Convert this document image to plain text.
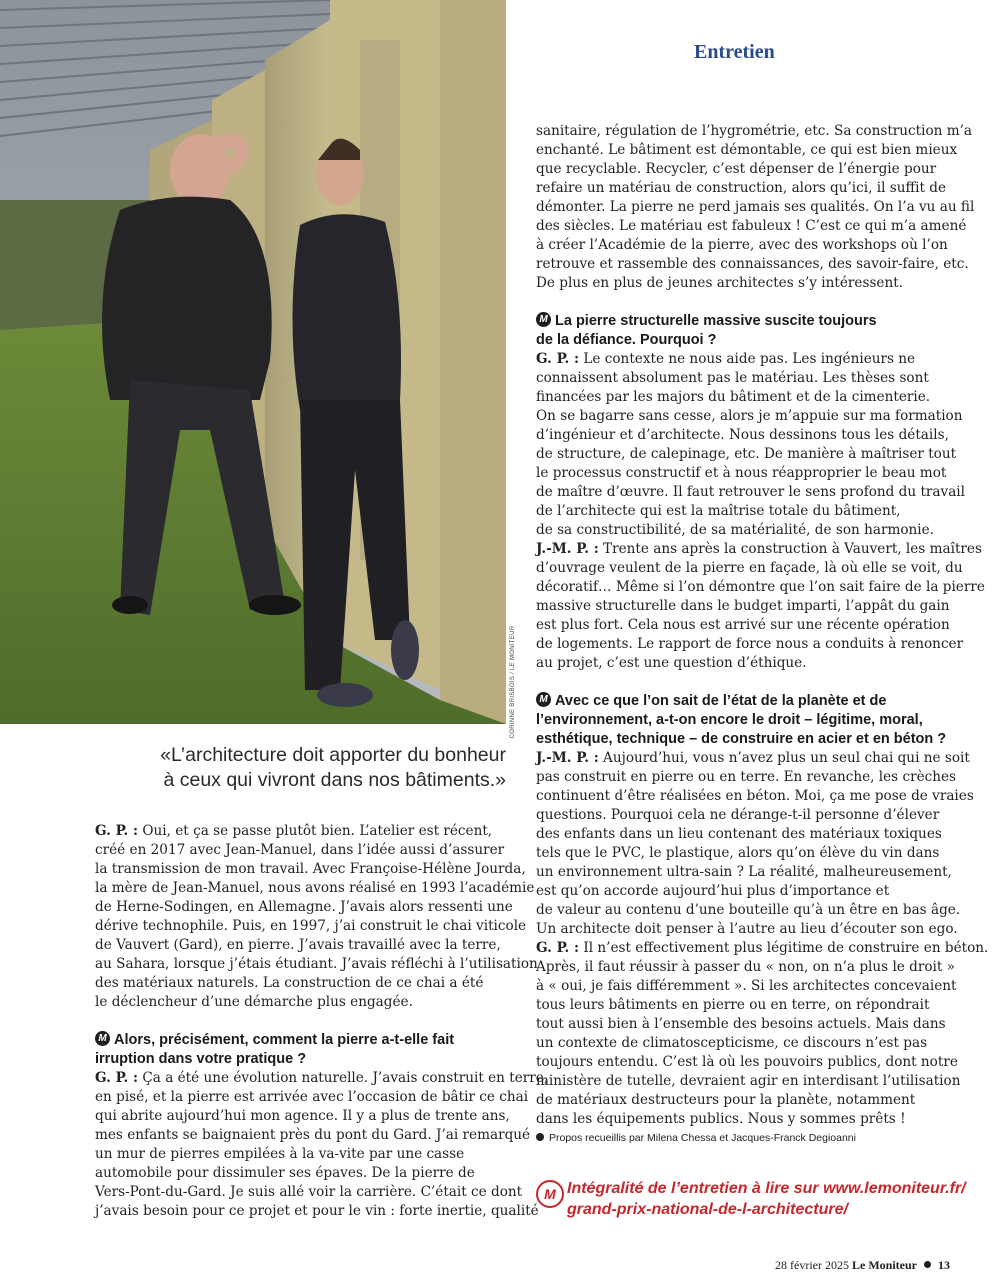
CORINNE BRISBOIS / LE MONITEUR
Entretien
«L’architecture doit apporter du bonheur
à ceux qui vivront dans nos bâtiments.»

G. P. : Oui, et ça se passe plutôt bien. L’atelier est récent,

créé en 2017 avec Jean-Manuel, dans l’idée aussi d’assurer

la transmission de mon travail. Avec Françoise-Hélène Jourda,

la mère de Jean-Manuel, nous avons réalisé en 1993 l’académie

de Herne-Sodingen, en Allemagne. J’avais alors ressenti une

dérive technophile. Puis, en 1997, j’ai construit le chai viticole

de Vauvert (Gard), en pierre. J’avais travaillé avec la terre,

au Sahara, lorsque j’étais étudiant. J’avais réfléchi à l’utilisation

des matériaux naturels. La construction de ce chai a été

le déclencheur d’une démarche plus engagée.

MAlors, précisément, comment la pierre a-t-elle fait

irruption dans votre pratique ?

G. P. : Ça a été une évolution naturelle. J’avais construit en terre,

en pisé, et la pierre est arrivée avec l’occasion de bâtir ce chai

qui abrite aujourd’hui mon agence. Il y a plus de trente ans,

mes enfants se baignaient près du pont du Gard. J’ai remarqué

un mur de pierres empilées à la va-vite par une casse

automobile pour dissimuler ses épaves. De la pierre de

Vers-Pont-du-Gard. Je suis allé voir la carrière. C’était ce dont

j’avais besoin pour ce projet et pour le vin : forte inertie, qualité

sanitaire, régulation de l’hygrométrie, etc. Sa construction m’a

enchanté. Le bâtiment est démontable, ce qui est bien mieux

que recyclable. Recycler, c’est dépenser de l’énergie pour

refaire un matériau de construction, alors qu’ici, il suffit de

démonter. La pierre ne perd jamais ses qualités. On l’a vu au fil

des siècles. Le matériau est fabuleux ! C’est ce qui m’a amené

à créer l’Académie de la pierre, avec des workshops où l’on

retrouve et rassemble des connaissances, des savoir-faire, etc.

De plus en plus de jeunes architectes s’y intéressent.

MLa pierre structurelle massive suscite toujours

de la défiance. Pourquoi ?

G. P. : Le contexte ne nous aide pas. Les ingénieurs ne

connaissent absolument pas le matériau. Les thèses sont

financées par les majors du bâtiment et de la cimenterie.

On se bagarre sans cesse, alors je m’appuie sur ma formation

d’ingénieur et d’architecte. Nous dessinons tous les détails,

de structure, de calepinage, etc. De manière à maîtriser tout

le processus constructif et à nous réapproprier le beau mot

de maître d’œuvre. Il faut retrouver le sens profond du travail

de l’architecte qui est la maîtrise totale du bâtiment,

de sa constructibilité, de sa matérialité, de son harmonie.

J.-M. P. : Trente ans après la construction à Vauvert, les maîtres

d’ouvrage veulent de la pierre en façade, là où elle se voit, du

décoratif… Même si l’on démontre que l’on sait faire de la pierre

massive structurelle dans le budget imparti, l’appât du gain

est plus fort. Cela nous est arrivé sur une récente opération

de logements. Le rapport de force nous a conduits à renoncer

au projet, c’est une question d’éthique.

MAvec ce que l’on sait de l’état de la planète et de

l’environnement, a-t-on encore le droit – légitime, moral,

esthétique, technique – de construire en acier et en béton ?

J.-M. P. : Aujourd’hui, vous n’avez plus un seul chai qui ne soit

pas construit en pierre ou en terre. En revanche, les crèches

continuent d’être réalisées en béton. Moi, ça me pose de vraies

questions. Pourquoi cela ne dérange-t-il personne d’élever

des enfants dans un lieu contenant des matériaux toxiques

tels que le PVC, le plastique, alors qu’on élève du vin dans

un environnement ultra-sain ? La réalité, malheureusement,

est qu’on accorde aujourd’hui plus d’importance et

de valeur au contenu d’une bouteille qu’à un être en bas âge.

Un architecte doit penser à l’autre au lieu d’écouter son ego.

G. P. : Il n’est effectivement plus légitime de construire en béton.

Après, il faut réussir à passer du « non, on n’a plus le droit »

à « oui, je fais différemment ». Si les architectes concevaient

tous leurs bâtiments en pierre ou en terre, on répondrait

tout aussi bien à l’ensemble des besoins actuels. Mais dans

un contexte de climatoscepticisme, ce discours n’est pas

toujours entendu. C’est là où les pouvoirs publics, dont notre

ministère de tutelle, devraient agir en interdisant l’utilisation

de matériaux destructeurs pour la planète, notamment

dans les équipements publics. Nous y sommes prêts !

Propos recueillis par Milena Chessa et Jacques-Franck Degioanni

M
Intégralité de l’entretien à lire sur www.lemoniteur.fr/
grand-prix-national-de-l-architecture/
28 février 2025 Le Moniteur 13
